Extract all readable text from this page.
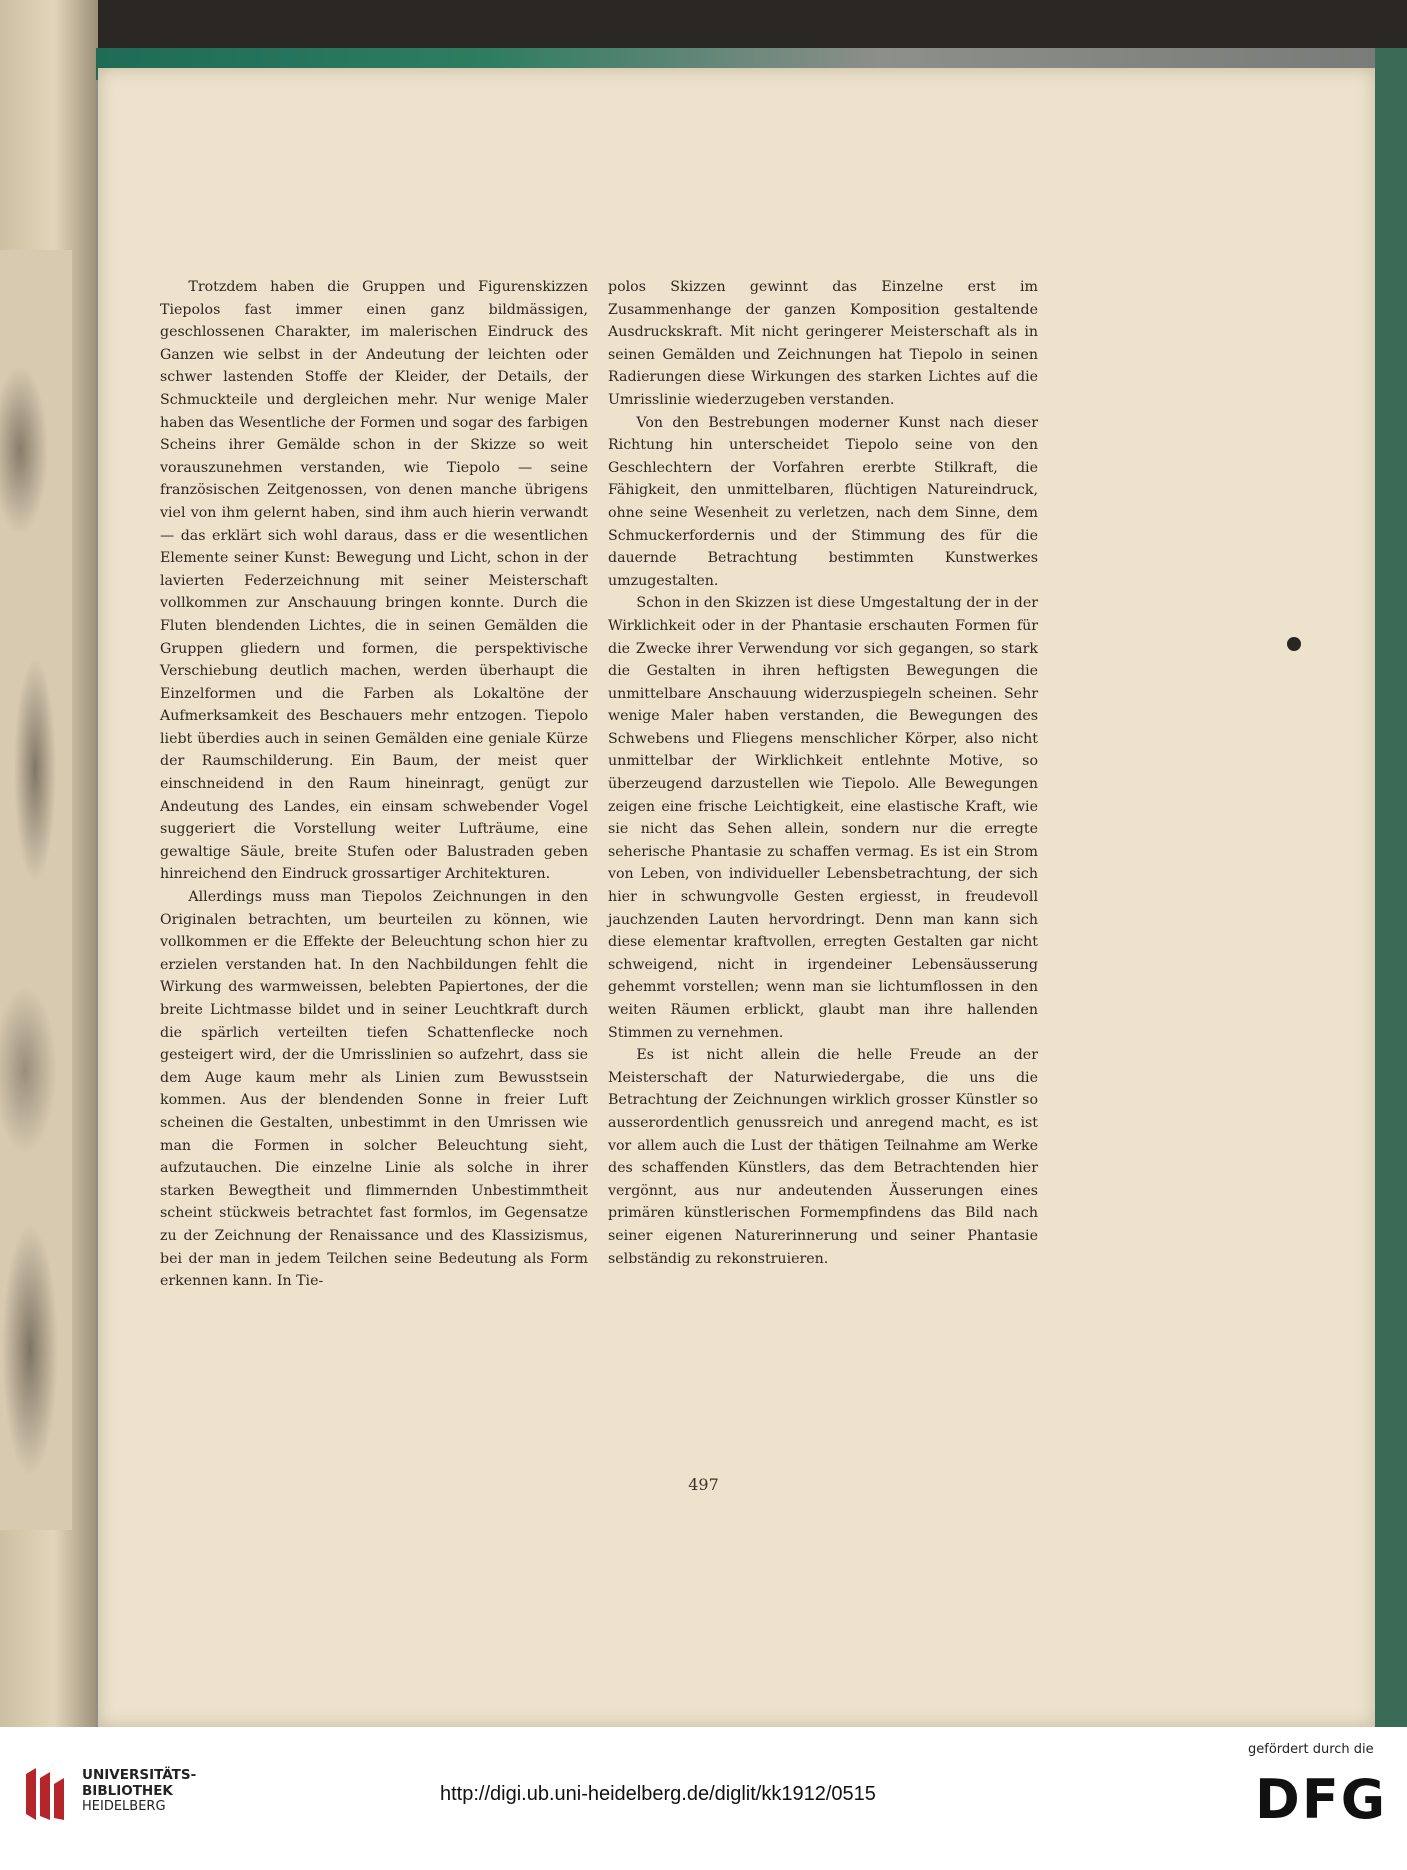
Trotzdem haben die Gruppen und Figurenskizzen Tiepolos fast immer einen ganz bildmässigen, geschlossenen Charakter, im malerischen Eindruck des Ganzen wie selbst in der Andeutung der leichten oder schwer lastenden Stoffe der Kleider, der Details, der Schmuckteile und dergleichen mehr. Nur wenige Maler haben das Wesentliche der Formen und sogar des farbigen Scheins ihrer Gemälde schon in der Skizze so weit vorauszunehmen verstanden, wie Tiepolo — seine französischen Zeitgenossen, von denen manche übrigens viel von ihm gelernt haben, sind ihm auch hierin verwandt — das erklärt sich wohl daraus, dass er die wesentlichen Elemente seiner Kunst: Bewegung und Licht, schon in der lavierten Federzeichnung mit seiner Meisterschaft vollkommen zur Anschauung bringen konnte. Durch die Fluten blendenden Lichtes, die in seinen Gemälden die Gruppen gliedern und formen, die perspektivische Verschiebung deutlich machen, werden überhaupt die Einzelformen und die Farben als Lokaltöne der Aufmerksamkeit des Beschauers mehr entzogen. Tiepolo liebt überdies auch in seinen Gemälden eine geniale Kürze der Raumschilderung. Ein Baum, der meist quer einschneidend in den Raum hineinragt, genügt zur Andeutung des Landes, ein einsam schwebender Vogel suggeriert die Vorstellung weiter Lufträume, eine gewaltige Säule, breite Stufen oder Balustraden geben hinreichend den Eindruck grossartiger Architekturen.

Allerdings muss man Tiepolos Zeichnungen in den Originalen betrachten, um beurteilen zu können, wie vollkommen er die Effekte der Beleuchtung schon hier zu erzielen verstanden hat. In den Nachbildungen fehlt die Wirkung des warmweissen, belebten Papiertones, der die breite Lichtmasse bildet und in seiner Leuchtkraft durch die spärlich verteilten tiefen Schattenflecke noch gesteigert wird, der die Umrisslinien so aufzehrt, dass sie dem Auge kaum mehr als Linien zum Bewusstsein kommen. Aus der blendenden Sonne in freier Luft scheinen die Gestalten, unbestimmt in den Umrissen wie man die Formen in solcher Beleuchtung sieht, aufzutauchen. Die einzelne Linie als solche in ihrer starken Bewegtheit und flimmernden Unbestimmtheit scheint stückweis betrachtet fast formlos, im Gegensatze zu der Zeichnung der Renaissance und des Klassizismus, bei der man in jedem Teilchen seine Bedeutung als Form erkennen kann. In Tie-

polos Skizzen gewinnt das Einzelne erst im Zusammenhange der ganzen Komposition gestaltende Ausdruckskraft. Mit nicht geringerer Meisterschaft als in seinen Gemälden und Zeichnungen hat Tiepolo in seinen Radierungen diese Wirkungen des starken Lichtes auf die Umrisslinie wiederzugeben verstanden.

Von den Bestrebungen moderner Kunst nach dieser Richtung hin unterscheidet Tiepolo seine von den Geschlechtern der Vorfahren ererbte Stilkraft, die Fähigkeit, den unmittelbaren, flüchtigen Natureindruck, ohne seine Wesenheit zu verletzen, nach dem Sinne, dem Schmuckerfordernis und der Stimmung des für die dauernde Betrachtung bestimmten Kunstwerkes umzugestalten.

Schon in den Skizzen ist diese Umgestaltung der in der Wirklichkeit oder in der Phantasie erschauten Formen für die Zwecke ihrer Verwendung vor sich gegangen, so stark die Gestalten in ihren heftigsten Bewegungen die unmittelbare Anschauung widerzuspiegeln scheinen. Sehr wenige Maler haben verstanden, die Bewegungen des Schwebens und Fliegens menschlicher Körper, also nicht unmittelbar der Wirklichkeit entlehnte Motive, so überzeugend darzustellen wie Tiepolo. Alle Bewegungen zeigen eine frische Leichtigkeit, eine elastische Kraft, wie sie nicht das Sehen allein, sondern nur die erregte seherische Phantasie zu schaffen vermag. Es ist ein Strom von Leben, von individueller Lebensbetrachtung, der sich hier in schwungvolle Gesten ergiesst, in freudevoll jauchzenden Lauten hervordringt. Denn man kann sich diese elementar kraftvollen, erregten Gestalten gar nicht schweigend, nicht in irgendeiner Lebensäusserung gehemmt vorstellen; wenn man sie lichtumflossen in den weiten Räumen erblickt, glaubt man ihre hallenden Stimmen zu vernehmen.

Es ist nicht allein die helle Freude an der Meisterschaft der Naturwiedergabe, die uns die Betrachtung der Zeichnungen wirklich grosser Künstler so ausserordentlich genussreich und anregend macht, es ist vor allem auch die Lust der thätigen Teilnahme am Werke des schaffenden Künstlers, das dem Betrachtenden hier vergönnt, aus nur andeutenden Äusserungen eines primären künstlerischen Formempfindens das Bild nach seiner eigenen Naturerinnerung und seiner Phantasie selbständig zu rekonstruieren.

497
UNIVERSITÄTS-
BIBLIOTHEK
HEIDELBERG
http://digi.ub.uni-heidelberg.de/diglit/kk1912/0515
gefördert durch die
DFG
